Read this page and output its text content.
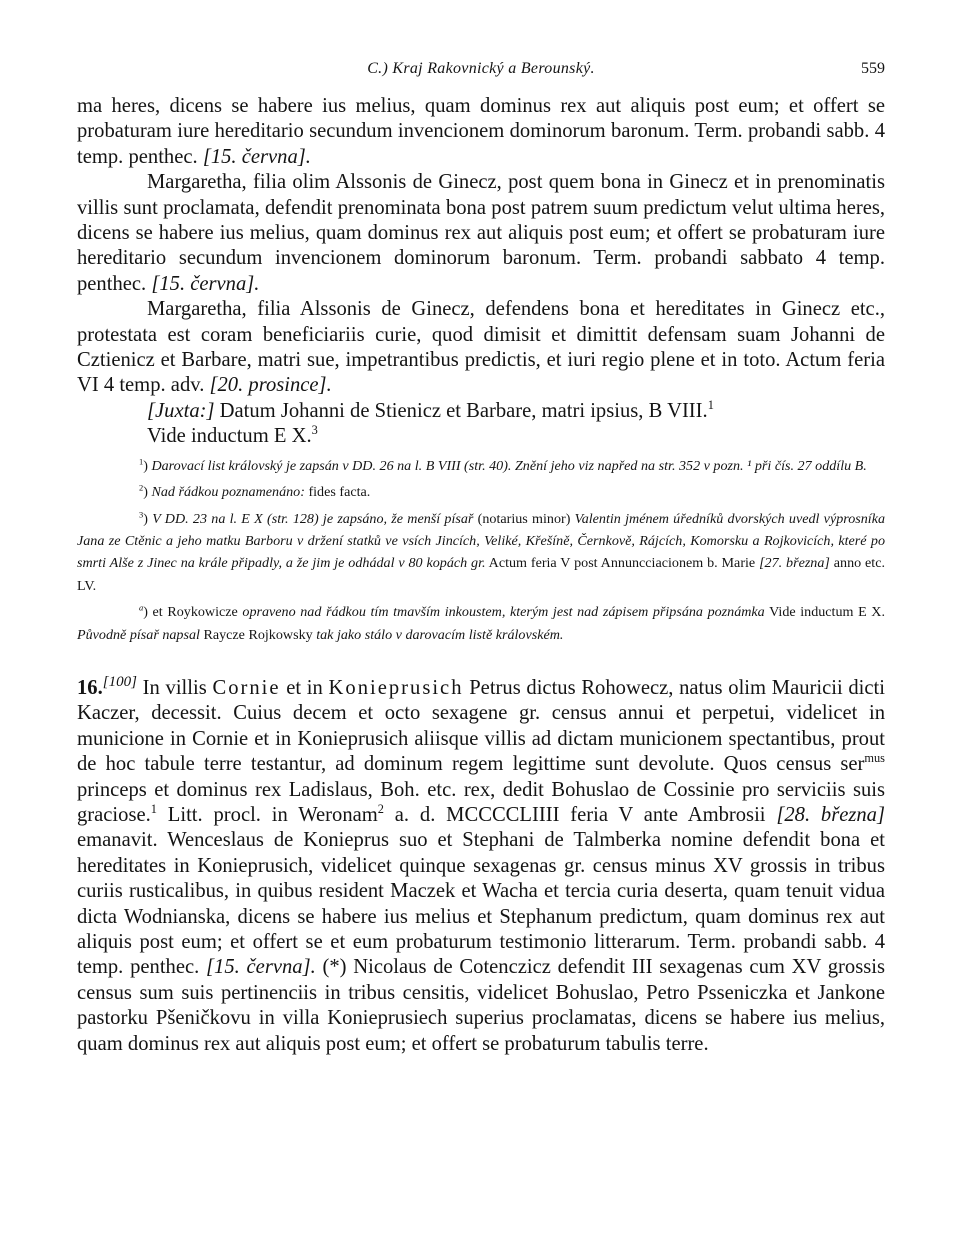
C.) Kraj Rakovnický a Berounský.	559

ma heres, dicens se habere ius melius, quam dominus rex aut aliquis post eum; et offert se probaturam iure hereditario secundum invencionem dominorum baronum. Term. probandi sabb. 4 temp. penthec. [15. června].

Margaretha, filia olim Alssonis de Ginecz, post quem bona in Ginecz et in prenominatis villis sunt proclamata, defendit prenominata bona post patrem suum predictum velut ultima heres, dicens se habere ius melius, quam dominus rex aut aliquis post eum; et offert se probaturam iure hereditario secundum invencionem dominorum baronum. Term. probandi sabbato 4 temp. penthec. [15. června].

Margaretha, filia Alssonis de Ginecz, defendens bona et hereditates in Ginecz etc., protestata est coram beneficiariis curie, quod dimisit et dimittit defensam suam Johanni de Cztienicz et Barbare, matri sue, impetrantibus predictis, et iuri regio plene et in toto. Actum feria VI 4 temp. adv. [20. prosince].

[Juxta:] Datum Johanni de Stienicz et Barbare, matri ipsius, B VIII.$^1$

Vide inductum E X.$^3$

$^1$) Darovací list královský je zapsán v DD. 26 na l. B VIII (str. 40). Znění jeho viz napřed na str. 352 v pozn. ¹ při čís. 27 oddílu B.

$^2$) Nad řádkou poznamenáno: fides facta.

$^3$) V DD. 23 na l. E X (str. 128) je zapsáno, že menší písař (notarius minor) Valentin jménem úředníků dvorských uvedl výprosníka Jana ze Ctěnic a jeho matku Barboru v držení statků ve vsích Jincích, Veliké, Křešíně, Černkově, Rájcích, Komorsku a Rojkovicích, které po smrti Alše z Jinec na krále připadly, a že jim je odhádal v 80 kopách gr. Actum feria V post Annuncciacionem b. Marie [27. března] anno etc. LV.

$^a$) et Roykowicze opraveno nad řádkou tím tmavším inkoustem, kterým jest nad zápisem připsána poznámka Vide inductum E X. Původně písař napsal Raycze Rojkowsky tak jako stálo v darovacím listě královském.

16.[100] In villis Cornie et in Konieprusich Petrus dictus Rohowecz, natus olim Mauricii dicti Kaczer, decessit. Cuius decem et octo sexagene gr. census annui et perpetui, videlicet in municione in Cornie et in Konieprusich aliisque villis ad dictam municionem spectantibus, prout de hoc tabule terre testantur, ad dominum regem legittime sunt devolute. Quos census ser$^{mus}$ princeps et dominus rex Ladislaus, Boh. etc. rex, dedit Bohuslao de Cossinie pro serviciis suis graciose.$^1$ Litt. procl. in Weronam$^2$ a. d. MCCCCLIIII feria V ante Ambrosii [28. března] emanavit. Wenceslaus de Konieprus suo et Stephani de Talmberka nomine defendit bona et hereditates in Konieprusich, videlicet quinque sexagenas gr. census minus XV grossis in tribus curiis rusticalibus, in quibus resident Maczek et Wacha et tercia curia deserta, quam tenuit vidua dicta Wodnianska, dicens se habere ius melius et Stephanum predictum, quam dominus rex aut aliquis post eum; et offert se et eum probaturum testimonio litterarum. Term. probandi sabb. 4 temp. penthec. [15. června]. (*) Nicolaus de Cotenczicz defendit III sexagenas cum XV grossis census sum suis pertinenciis in tribus censitis, videlicet Bohuslao, Petro Psseniczka et Jankone pastorku Pšeničkovu in villa Konieprusiech superius proclamatas, dicens se habere ius melius, quam dominus rex aut aliquis post eum; et offert se probaturum tabulis terre.
